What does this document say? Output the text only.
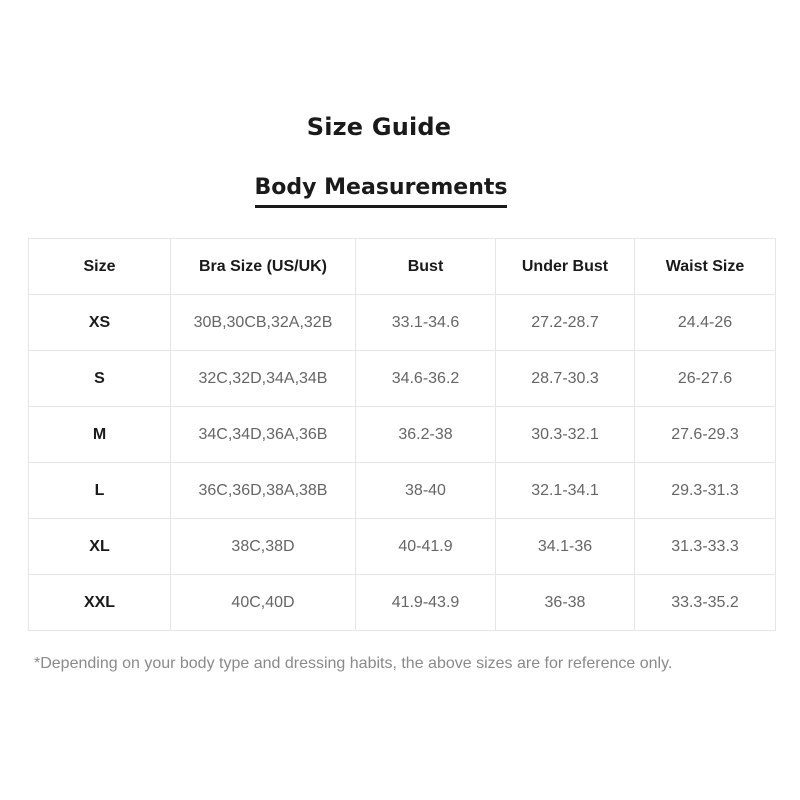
Size Guide
Body Measurements
Size	Bra Size (US/UK)	Bust	Under Bust	Waist Size
XS	30B,30CB,32A,32B	33.1-34.6	27.2-28.7	24.4-26
S	32C,32D,34A,34B	34.6-36.2	28.7-30.3	26-27.6
M	34C,34D,36A,36B	36.2-38	30.3-32.1	27.6-29.3
L	36C,36D,38A,38B	38-40	32.1-34.1	29.3-31.3
XL	38C,38D	40-41.9	34.1-36	31.3-33.3
XXL	40C,40D	41.9-43.9	36-38	33.3-35.2
*Depending on your body type and dressing habits, the above sizes are for reference only.
